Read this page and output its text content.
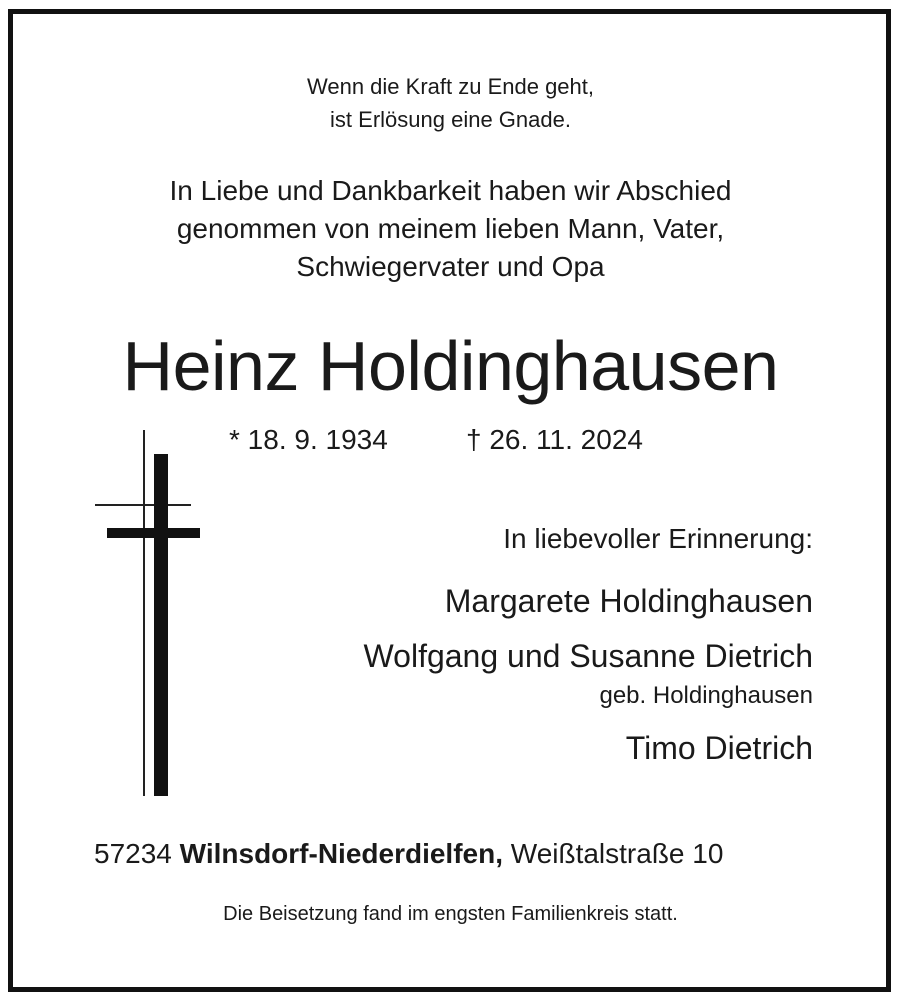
Wenn die Kraft zu Ende geht,
ist Erlösung eine Gnade.
In Liebe und Dankbarkeit haben wir Abschied
genommen von meinem lieben Mann, Vater,
Schwiegervater und Opa
Heinz Holdinghausen
* 18. 9. 1934	† 26. 11. 2024
In liebevoller Erinnerung:
Margarete Holdinghausen
Wolfgang und Susanne Dietrich
geb. Holdinghausen
Timo Dietrich
57234 Wilnsdorf-Niederdielfen, Weißtalstraße 10
Die Beisetzung fand im engsten Familienkreis statt.
